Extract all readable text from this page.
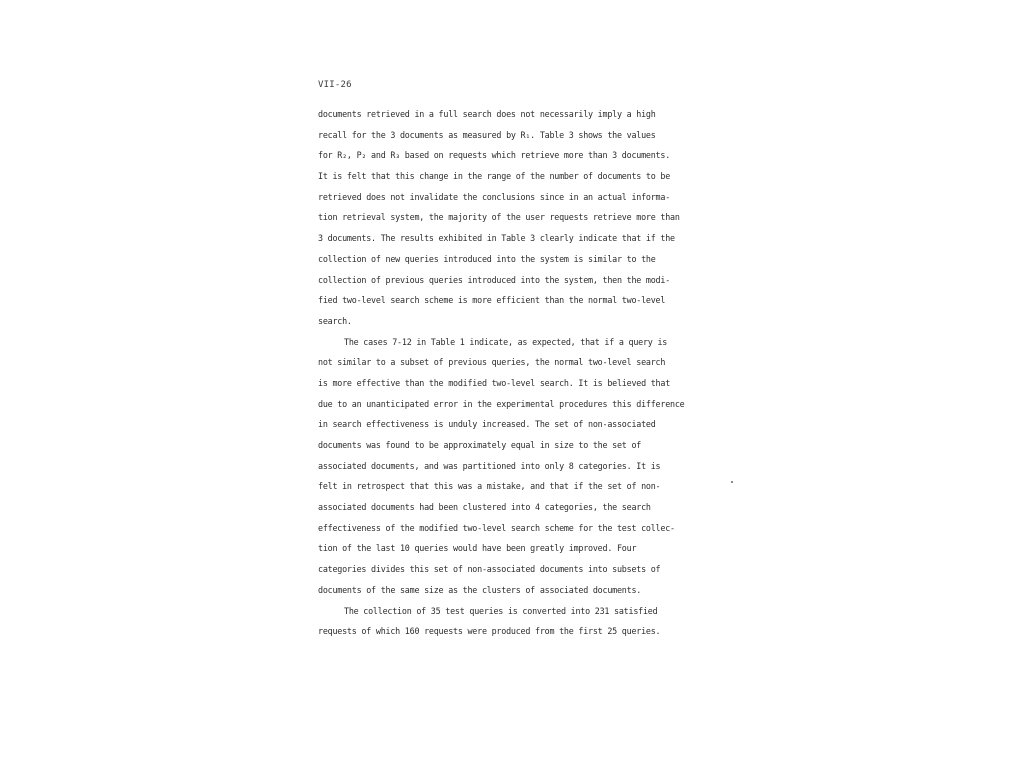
VII-26
documents retrieved in a full search does not necessarily imply a high
recall for the 3 documents as measured by R₁. Table 3 shows the values
for R₂, P₂ and R₃ based on requests which retrieve more than 3 documents.
It is felt that this change in the range of the number of documents to be
retrieved does not invalidate the conclusions since in an actual informa-
tion retrieval system, the majority of the user requests retrieve more than
3 documents. The results exhibited in Table 3 clearly indicate that if the
collection of new queries introduced into the system is similar to the
collection of previous queries introduced into the system, then the modi-
fied two-level search scheme is more efficient than the normal two-level
search.
The cases 7-12 in Table 1 indicate, as expected, that if a query is
not similar to a subset of previous queries, the normal two-level search
is more effective than the modified two-level search. It is believed that
due to an unanticipated error in the experimental procedures this difference
in search effectiveness is unduly increased. The set of non-associated
documents was found to be approximately equal in size to the set of
associated documents, and was partitioned into only 8 categories. It is
felt in retrospect that this was a mistake, and that if the set of non-
associated documents had been clustered into 4 categories, the search
effectiveness of the modified two-level search scheme for the test collec-
tion of the last 10 queries would have been greatly improved. Four
categories divides this set of non-associated documents into subsets of
documents of the same size as the clusters of associated documents.
The collection of 35 test queries is converted into 231 satisfied
requests of which 160 requests were produced from the first 25 queries.
